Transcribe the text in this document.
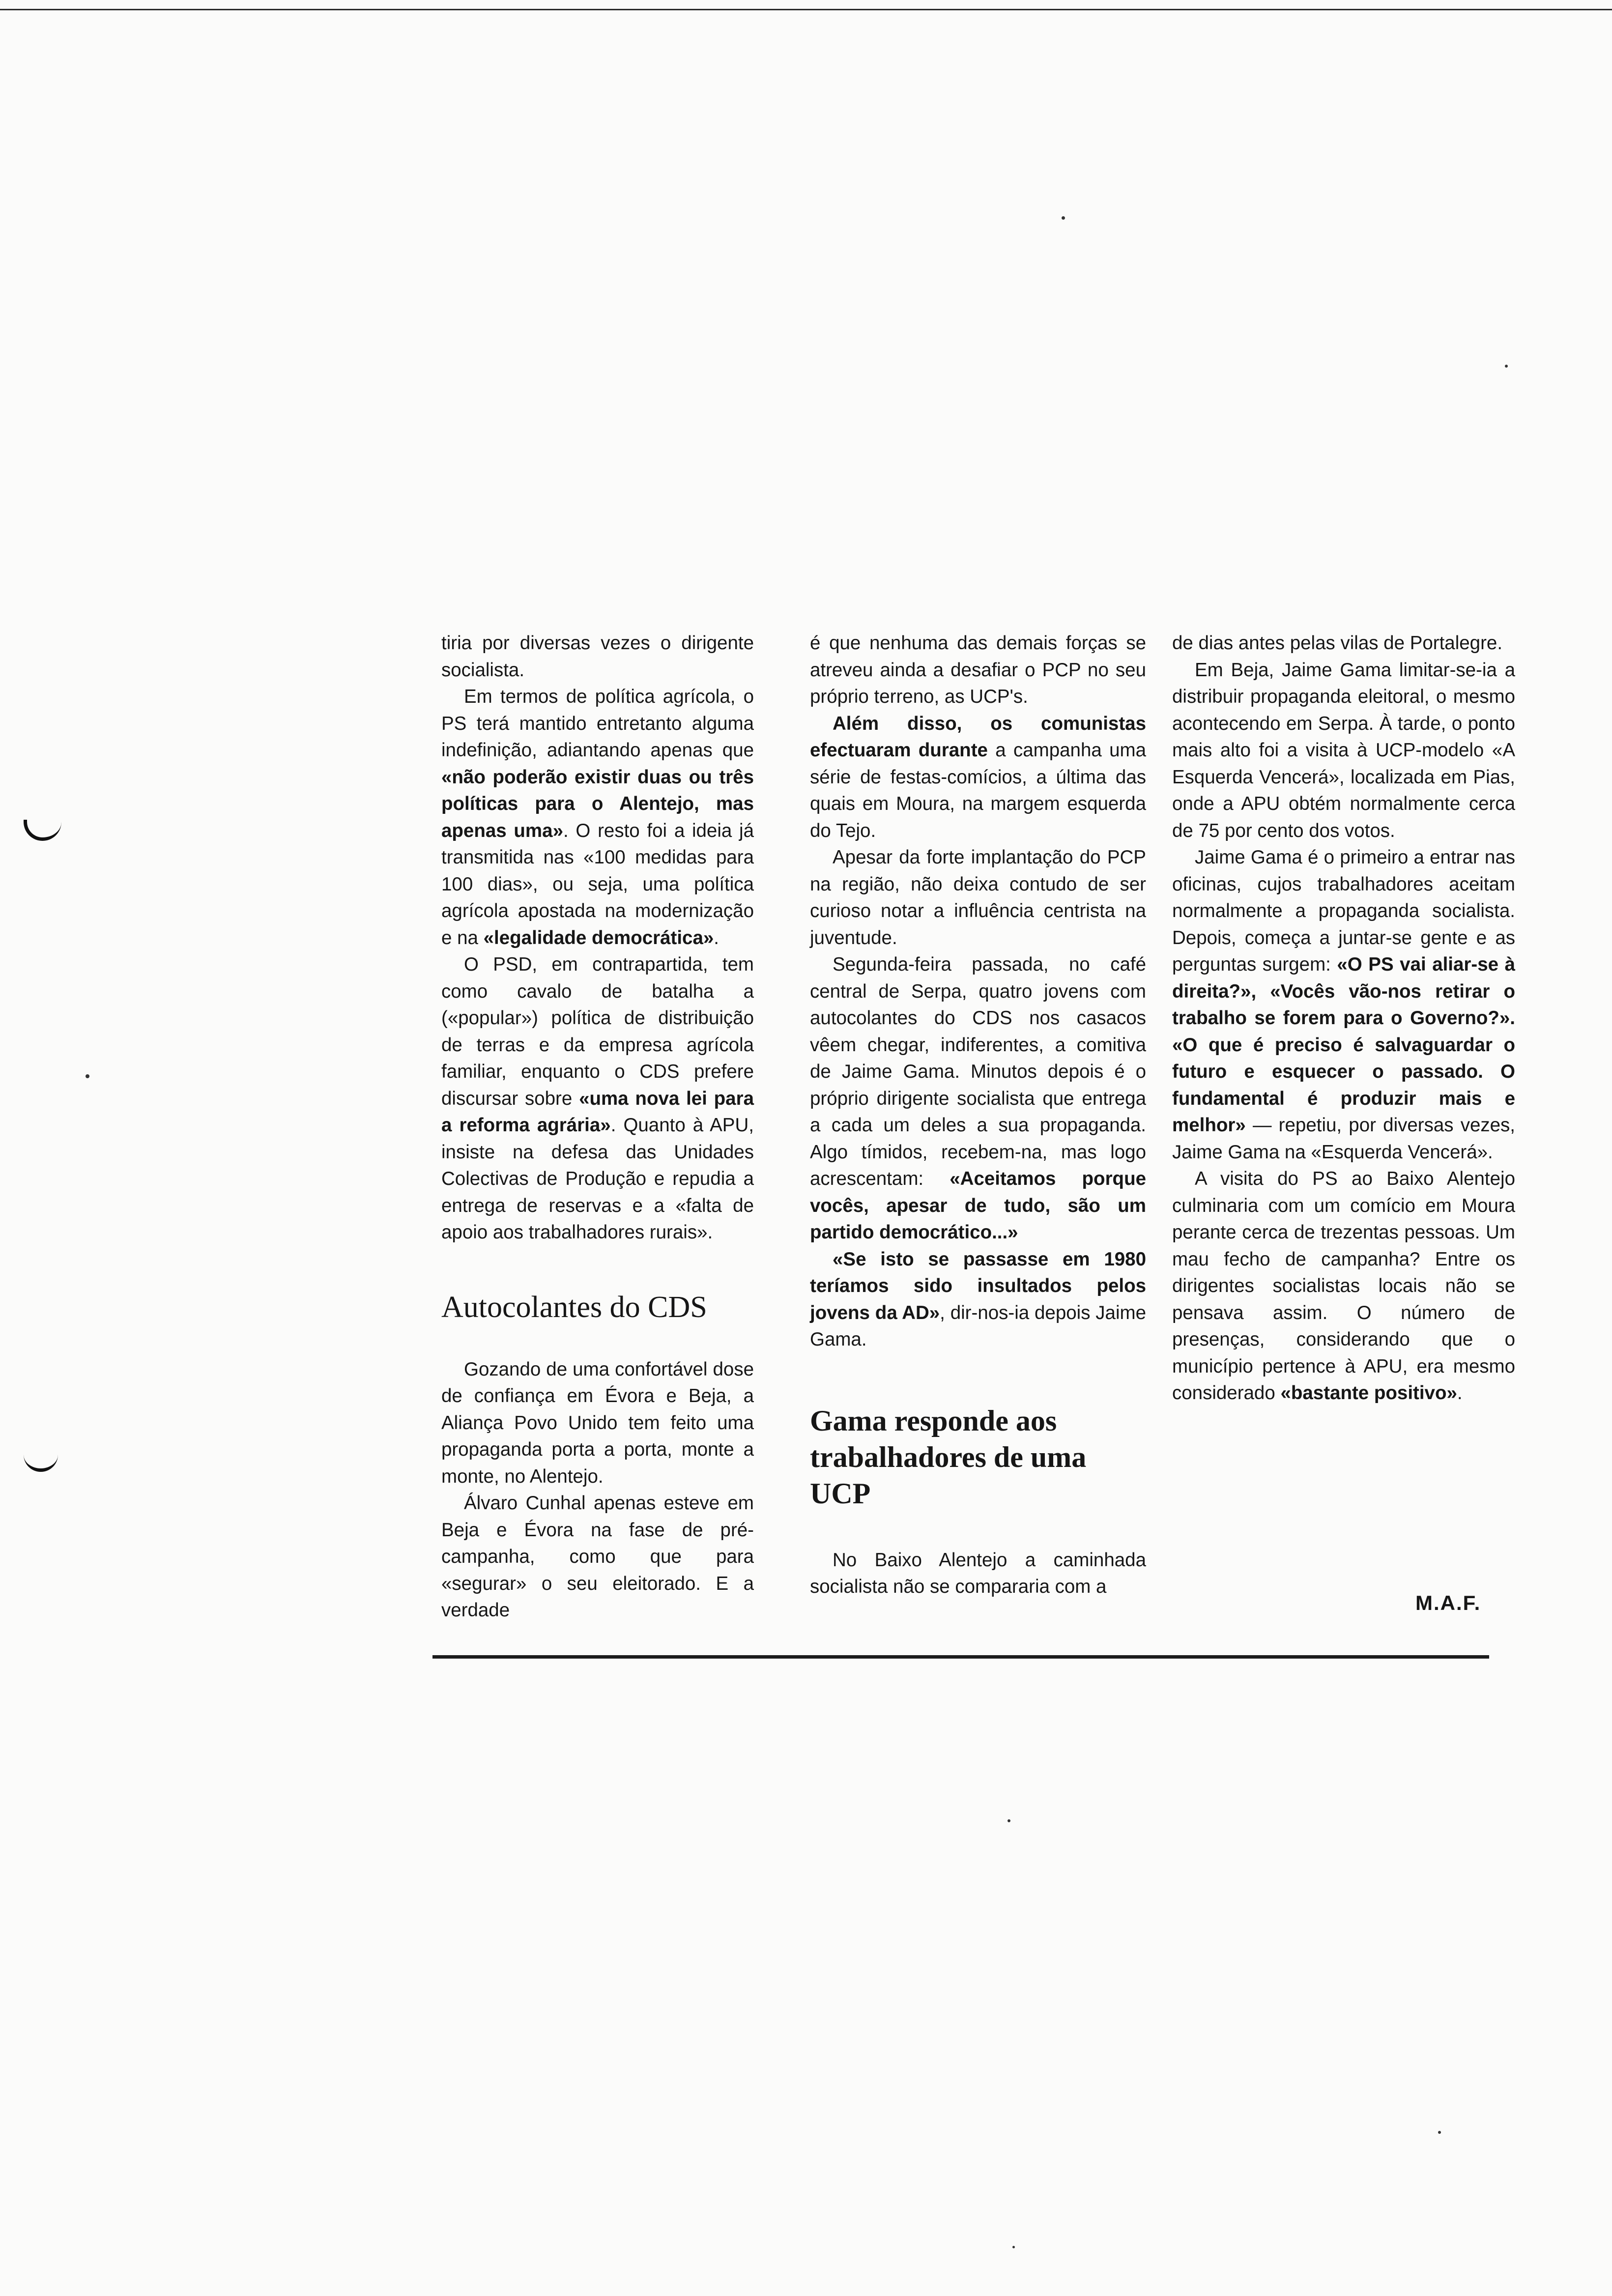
tiria por diversas vezes o dirigente socialista.

Em termos de política agrícola, o PS terá mantido entretanto alguma indefinição, adiantando apenas que «não poderão existir duas ou três políticas para o Alentejo, mas apenas uma». O resto foi a ideia já transmitida nas «100 medidas para 100 dias», ou seja, uma política agrícola apostada na modernização e na «legalidade democrática».

O PSD, em contrapartida, tem como cavalo de batalha a («popular») política de distribuição de terras e da empresa agrícola familiar, enquanto o CDS prefere discursar sobre «uma nova lei para a reforma agrária». Quanto à APU, insiste na defesa das Unidades Colectivas de Produção e repudia a entrega de reservas e a «falta de apoio aos trabalhadores rurais».

Autocolantes do CDS

Gozando de uma confortável dose de confiança em Évora e Beja, a Aliança Povo Unido tem feito uma propaganda porta a porta, monte a monte, no Alentejo.

Álvaro Cunhal apenas esteve em Beja e Évora na fase de pré-campanha, como que para «segurar» o seu eleitorado. E a verdade

é que nenhuma das demais forças se atreveu ainda a desafiar o PCP no seu próprio terreno, as UCP's.

Além disso, os comunistas efectuaram durante a campanha uma série de festas-comícios, a última das quais em Moura, na margem esquerda do Tejo.

Apesar da forte implantação do PCP na região, não deixa contudo de ser curioso notar a influência centrista na juventude.

Segunda-feira passada, no café central de Serpa, quatro jovens com autocolantes do CDS nos casacos vêem chegar, indiferentes, a comitiva de Jaime Gama. Minutos depois é o próprio dirigente socialista que entrega a cada um deles a sua propaganda. Algo tímidos, recebem-na, mas logo acrescentam: «Aceitamos porque vocês, apesar de tudo, são um partido democrático...»

«Se isto se passasse em 1980 teríamos sido insultados pelos jovens da AD», dir-nos-ia depois Jaime Gama.

Gama responde aos trabalhadores de uma UCP

No Baixo Alentejo a caminhada socialista não se compararia com a

de dias antes pelas vilas de Portalegre.

Em Beja, Jaime Gama limitar-se-ia a distribuir propaganda eleitoral, o mesmo acontecendo em Serpa. À tarde, o ponto mais alto foi a visita à UCP-modelo «A Esquerda Vencerá», localizada em Pias, onde a APU obtém normalmente cerca de 75 por cento dos votos.

Jaime Gama é o primeiro a entrar nas oficinas, cujos trabalhadores aceitam normalmente a propaganda socialista. Depois, começa a juntar-se gente e as perguntas surgem: «O PS vai aliar-se à direita?», «Vocês vão-nos retirar o trabalho se forem para o Governo?». «O que é preciso é salvaguardar o futuro e esquecer o passado. O fundamental é produzir mais e melhor» — repetiu, por diversas vezes, Jaime Gama na «Esquerda Vencerá».

A visita do PS ao Baixo Alentejo culminaria com um comício em Moura perante cerca de trezentas pessoas. Um mau fecho de campanha? Entre os dirigentes socialistas locais não se pensava assim. O número de presenças, considerando que o município pertence à APU, era mesmo considerado «bastante positivo».

M.A.F.
